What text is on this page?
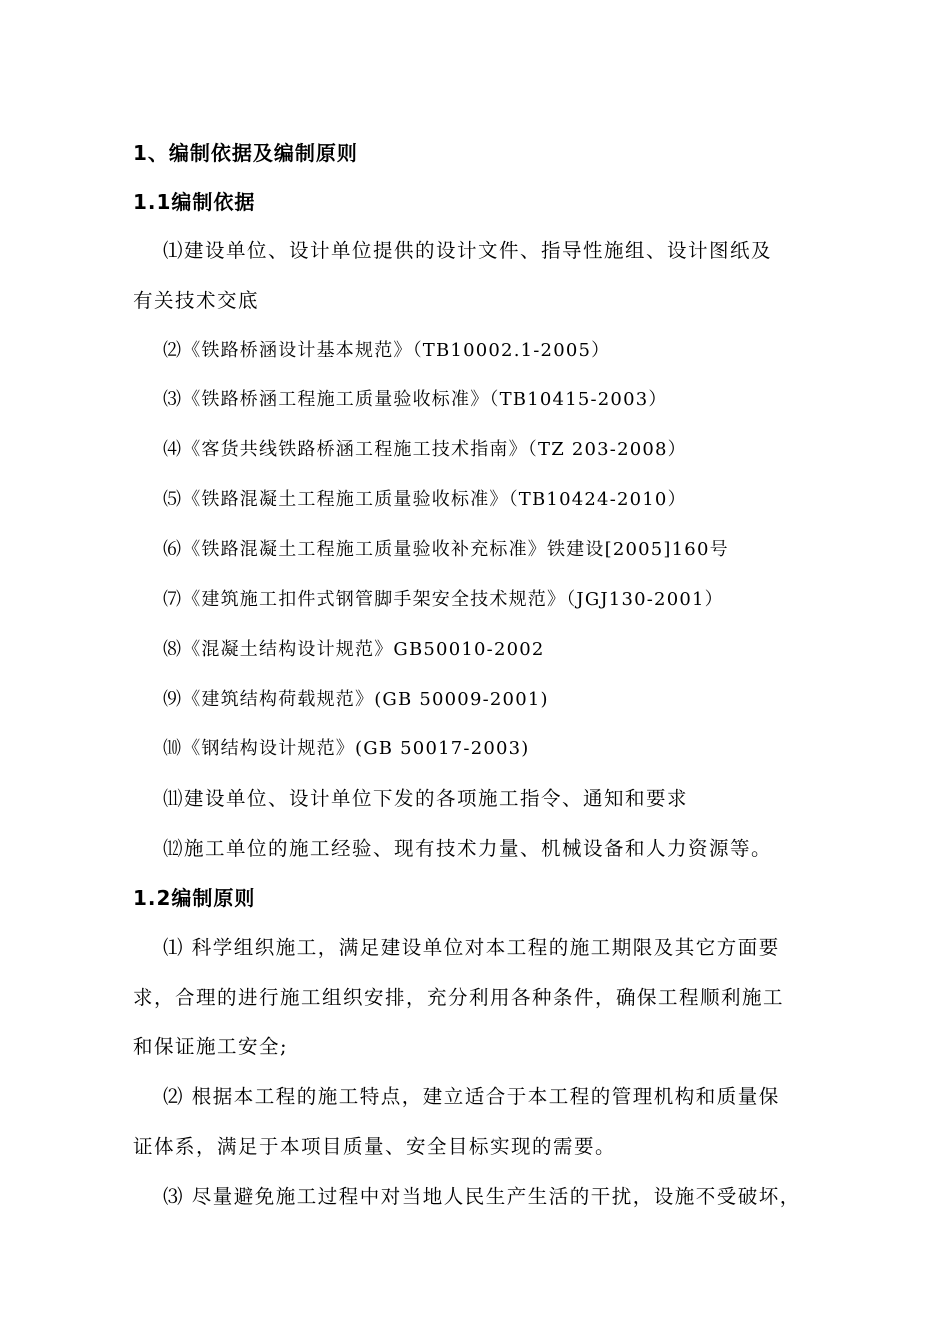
1、编制依据及编制原则
1.1编制依据
⑴建设单位、设计单位提供的设计文件、指导性施组、设计图纸及
有关技术交底
⑵《铁路桥涵设计基本规范》（TB10002.1-2005）
⑶《铁路桥涵工程施工质量验收标准》（TB10415-2003）
⑷《客货共线铁路桥涵工程施工技术指南》（TZ 203-2008）
⑸《铁路混凝土工程施工质量验收标准》（TB10424-2010）
⑹《铁路混凝土工程施工质量验收补充标准》铁建设[2005]160号
⑺《建筑施工扣件式钢管脚手架安全技术规范》（JGJ130-2001）
⑻《混凝土结构设计规范》GB50010-2002
⑼《建筑结构荷载规范》(GB 50009-2001)
⑽《钢结构设计规范》(GB 50017-2003)
⑾建设单位、设计单位下发的各项施工指令、通知和要求
⑿施工单位的施工经验、现有技术力量、机械设备和人力资源等。
1.2编制原则
⑴ 科学组织施工，满足建设单位对本工程的施工期限及其它方面要
求，合理的进行施工组织安排，充分利用各种条件，确保工程顺利施工
和保证施工安全;
⑵ 根据本工程的施工特点，建立适合于本工程的管理机构和质量保
证体系，满足于本项目质量、安全目标实现的需要。
⑶ 尽量避免施工过程中对当地人民生产生活的干扰，设施不受破坏，
